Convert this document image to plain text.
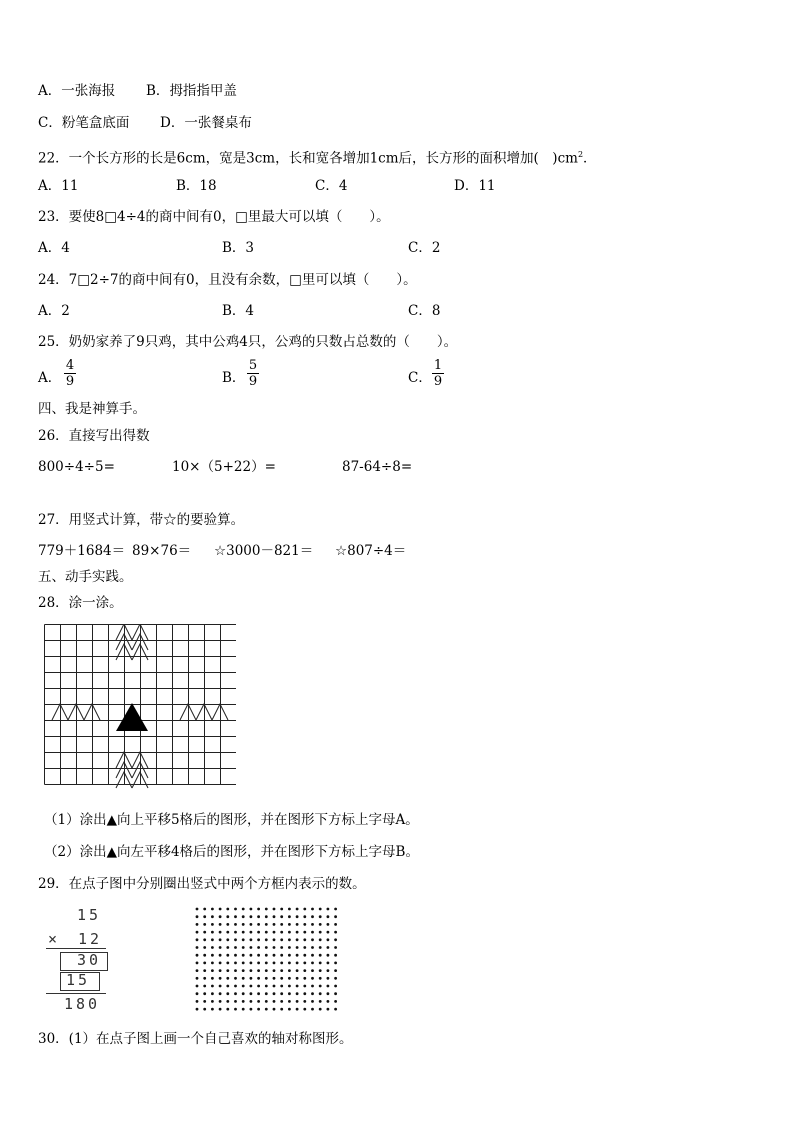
A．一张海报 B．拇指指甲盖
C．粉笔盒底面 D．一张餐桌布
22．一个长方形的长是6cm，宽是3cm，长和宽各增加1cm后，长方形的面积增加(　)$cm^2$．
A．11	B．18	C．4	D．11
23．要使8□4÷4的商中间有0，□里最大可以填（　　）。
A．4	B．3	C．2
24．7□2÷7的商中间有0，且没有余数，□里可以填（　　）。
A．2	B．4	C．8
25．奶奶家养了9只鸡，其中公鸡4只，公鸡的只数占总数的（　　）。
A． $\frac{4}{9}$	B． $\frac{5}{9}$	C． $\frac{1}{9}$
四、我是神算手。
26．直接写出得数
800÷4÷5=	10×（5+22）=	87-64÷8=
27．用竖式计算，带☆的要验算。
779＋1684＝ 89×76＝ ☆3000－821＝ ☆807÷4＝
五、动手实践。
28．涂一涂。
（1）涂出▲向上平移5格后的图形，并在图形下方标上字母A。
（2）涂出▲向左平移4格后的图形，并在图形下方标上字母B。
29．在点子图中分别圈出竖式中两个方框内表示的数。
15
×　12
30
15
180
30．(1）在点子图上画一个自己喜欢的轴对称图形。
